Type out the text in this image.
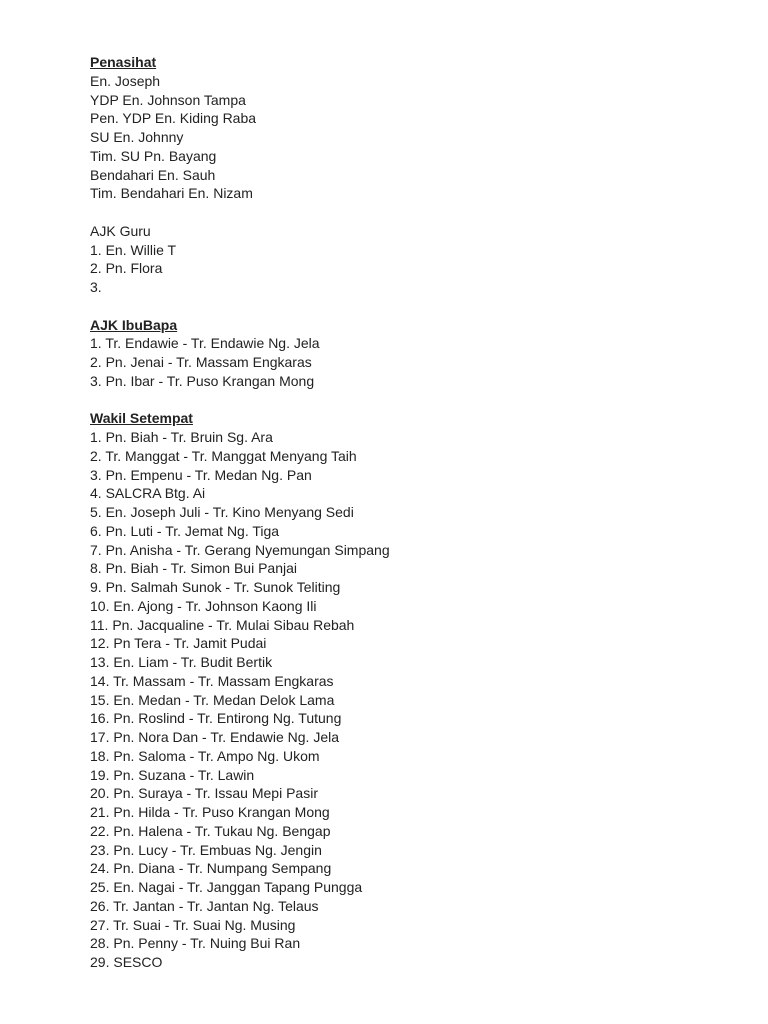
Penasihat
En. Joseph
YDP En. Johnson Tampa
Pen. YDP En. Kiding Raba
SU En. Johnny
Tim. SU Pn. Bayang
Bendahari En. Sauh
Tim. Bendahari En. Nizam
AJK Guru
1. En. Willie T
2. Pn. Flora
3.
AJK IbuBapa
1. Tr. Endawie - Tr. Endawie Ng. Jela
2. Pn. Jenai - Tr. Massam Engkaras
3. Pn. Ibar - Tr. Puso Krangan Mong
Wakil Setempat
1. Pn. Biah - Tr. Bruin Sg. Ara
2. Tr. Manggat - Tr. Manggat Menyang Taih
3. Pn. Empenu - Tr. Medan Ng. Pan
4. SALCRA Btg. Ai
5. En. Joseph Juli - Tr. Kino Menyang Sedi
6. Pn. Luti - Tr. Jemat Ng. Tiga
7. Pn. Anisha - Tr. Gerang Nyemungan Simpang
8. Pn. Biah - Tr. Simon Bui Panjai
9. Pn. Salmah Sunok - Tr. Sunok Teliting
10. En. Ajong - Tr. Johnson Kaong Ili
11. Pn. Jacqualine - Tr. Mulai Sibau Rebah
12. Pn Tera - Tr. Jamit Pudai
13. En. Liam - Tr. Budit Bertik
14. Tr. Massam - Tr. Massam Engkaras
15. En. Medan - Tr. Medan Delok Lama
16. Pn. Roslind - Tr. Entirong Ng. Tutung
17. Pn. Nora Dan - Tr. Endawie Ng. Jela
18. Pn. Saloma - Tr. Ampo Ng. Ukom
19. Pn. Suzana - Tr. Lawin
20. Pn. Suraya - Tr. Issau Mepi Pasir
21. Pn. Hilda - Tr. Puso Krangan Mong
22. Pn. Halena - Tr. Tukau Ng. Bengap
23. Pn. Lucy - Tr. Embuas Ng. Jengin
24. Pn. Diana - Tr. Numpang Sempang
25. En. Nagai - Tr. Janggan Tapang Pungga
26. Tr. Jantan - Tr. Jantan Ng. Telaus
27. Tr. Suai - Tr. Suai Ng. Musing
28. Pn. Penny - Tr. Nuing Bui Ran
29. SESCO
